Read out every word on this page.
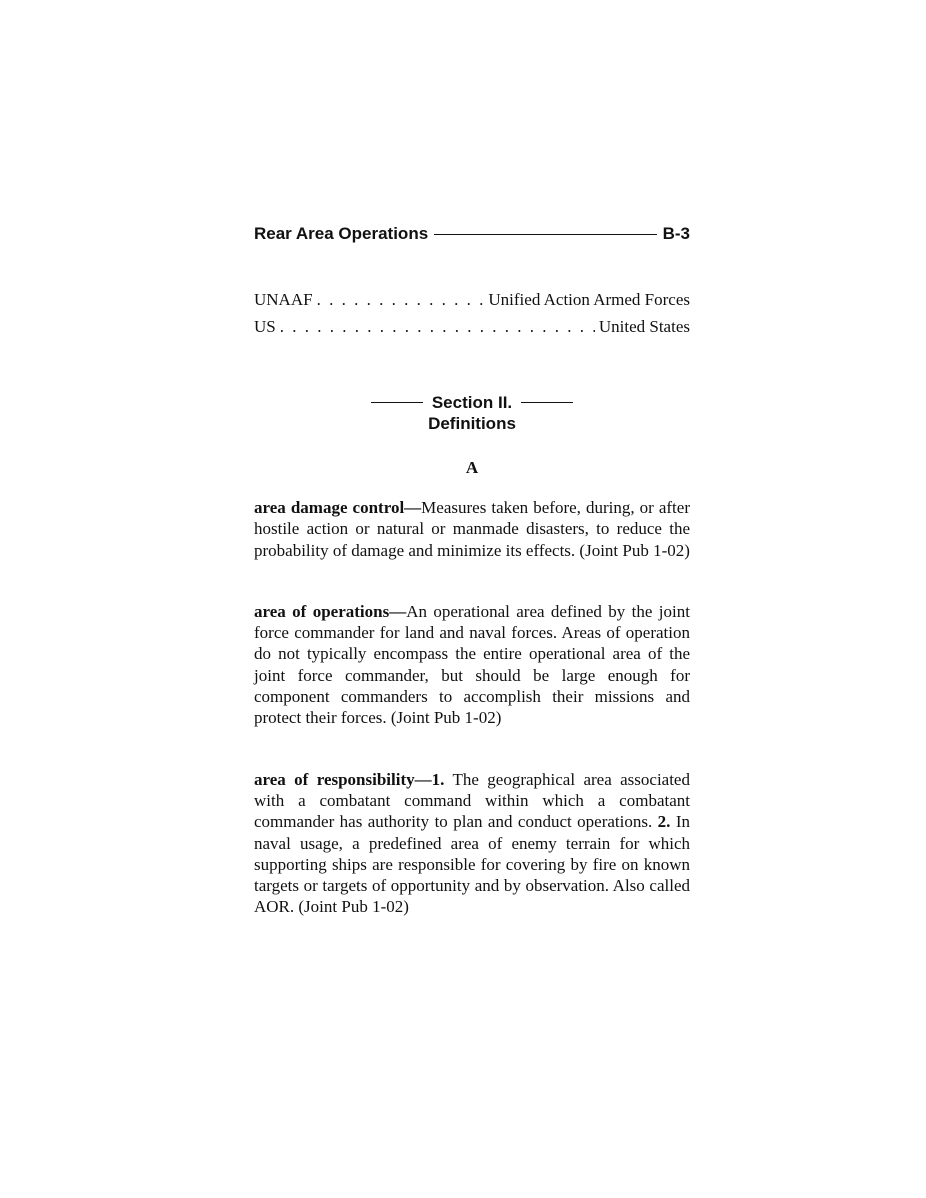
Rear Area Operations	B-3
UNAAF . . .	Unified Action Armed Forces
US . . .	United States
Section II.
Definitions
A

area damage control—Measures taken before, during, or after hostile action or natural or manmade disasters, to reduce the probability of damage and minimize its effects. (Joint Pub 1-02)

area of operations—An operational area defined by the joint force commander for land and naval forces. Areas of operation do not typically encompass the entire operational area of the joint force commander, but should be large enough for component commanders to accomplish their missions and protect their forces. (Joint Pub 1-02)

area of responsibility—1. The geographical area associated with a combatant command within which a combatant commander has authority to plan and conduct operations. 2. In naval usage, a predefined area of enemy terrain for which supporting ships are responsible for covering by fire on known targets or targets of opportunity and by observation. Also called AOR. (Joint Pub 1-02)
